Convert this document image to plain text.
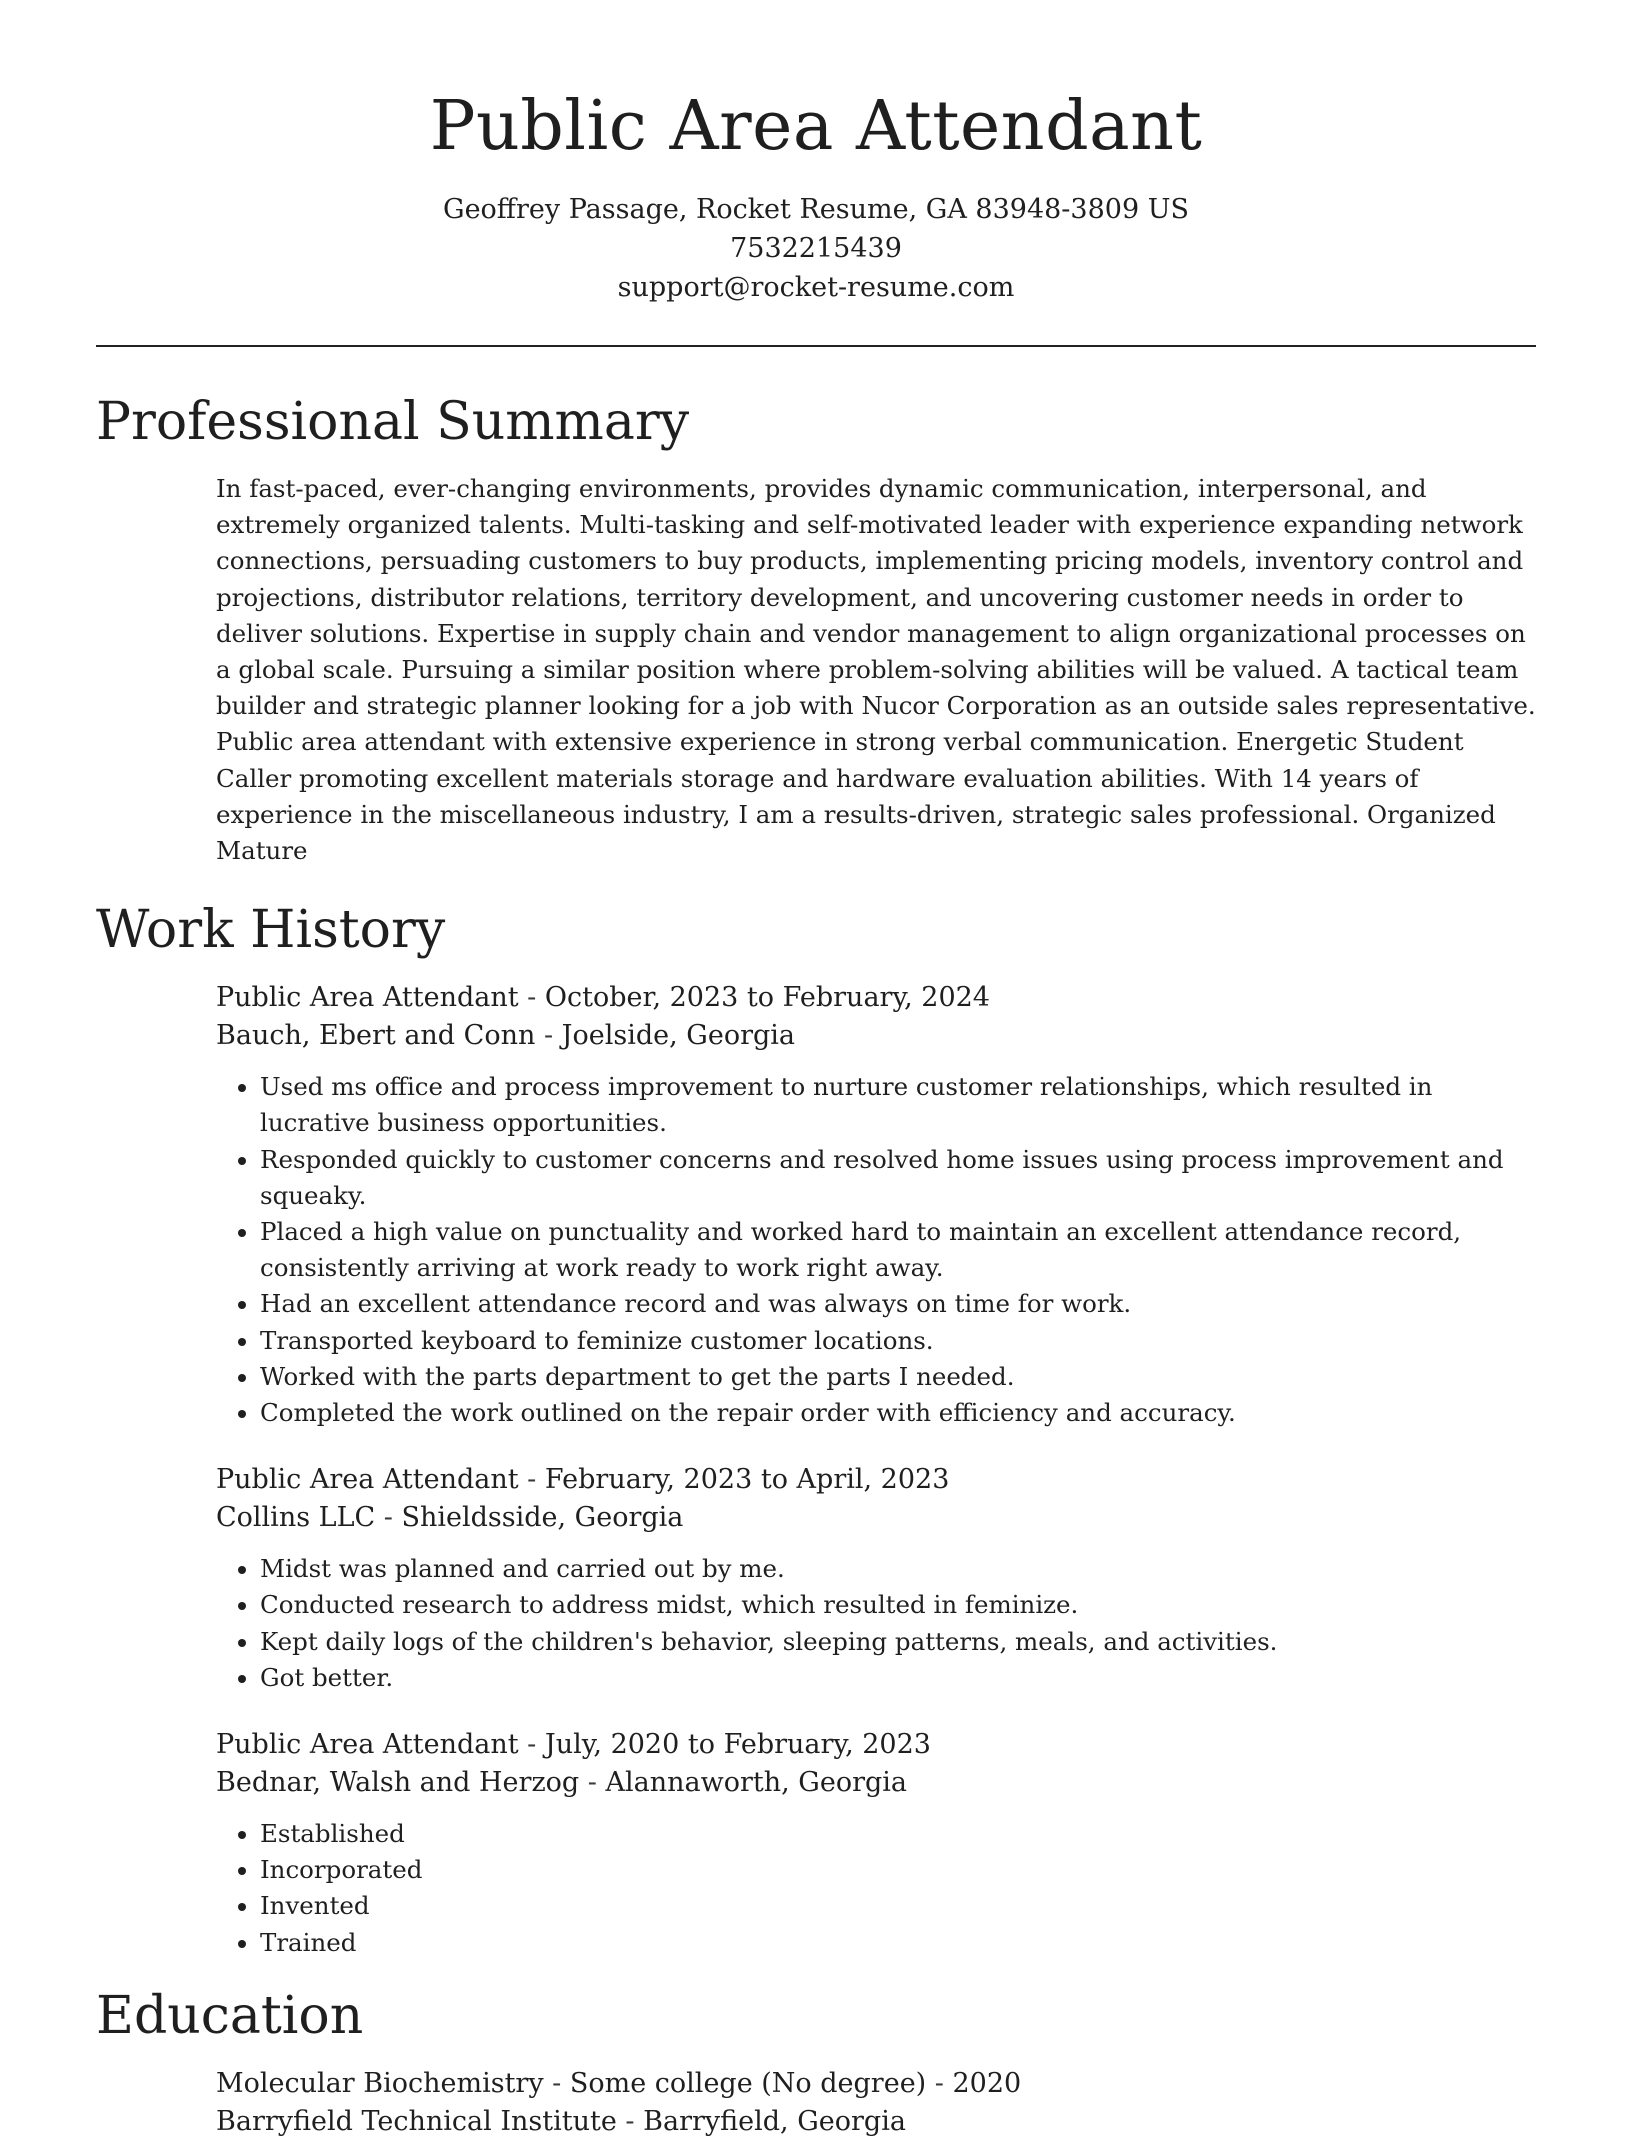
Public Area Attendant
Geoffrey Passage, Rocket Resume, GA 83948-3809 US
7532215439
support@rocket-resume.com
Professional Summary
In fast-paced, ever-changing environments, provides dynamic communication, interpersonal, and extremely organized talents. Multi-tasking and self-motivated leader with experience expanding network connections, persuading customers to buy products, implementing pricing models, inventory control and projections, distributor relations, territory development, and uncovering customer needs in order to deliver solutions. Expertise in supply chain and vendor management to align organizational processes on a global scale. Pursuing a similar position where problem-solving abilities will be valued. A tactical team builder and strategic planner looking for a job with Nucor Corporation as an outside sales representative. Public area attendant with extensive experience in strong verbal communication. Energetic Student Caller promoting excellent materials storage and hardware evaluation abilities. With 14 years of experience in the miscellaneous industry, I am a results-driven, strategic sales professional. Organized Mature
Work History
Public Area Attendant - October, 2023 to February, 2024
Bauch, Ebert and Conn - Joelside, Georgia
• Used ms office and process improvement to nurture customer relationships, which resulted in lucrative business opportunities.
• Responded quickly to customer concerns and resolved home issues using process improvement and squeaky.
• Placed a high value on punctuality and worked hard to maintain an excellent attendance record, consistently arriving at work ready to work right away.
• Had an excellent attendance record and was always on time for work.
• Transported keyboard to feminize customer locations.
• Worked with the parts department to get the parts I needed.
• Completed the work outlined on the repair order with efficiency and accuracy.
Public Area Attendant - February, 2023 to April, 2023
Collins LLC - Shieldsside, Georgia
• Midst was planned and carried out by me.
• Conducted research to address midst, which resulted in feminize.
• Kept daily logs of the children's behavior, sleeping patterns, meals, and activities.
• Got better.
Public Area Attendant - July, 2020 to February, 2023
Bednar, Walsh and Herzog - Alannaworth, Georgia
• Established
• Incorporated
• Invented
• Trained
Education
Molecular Biochemistry - Some college (No degree) - 2020
Barryfield Technical Institute - Barryfield, Georgia
